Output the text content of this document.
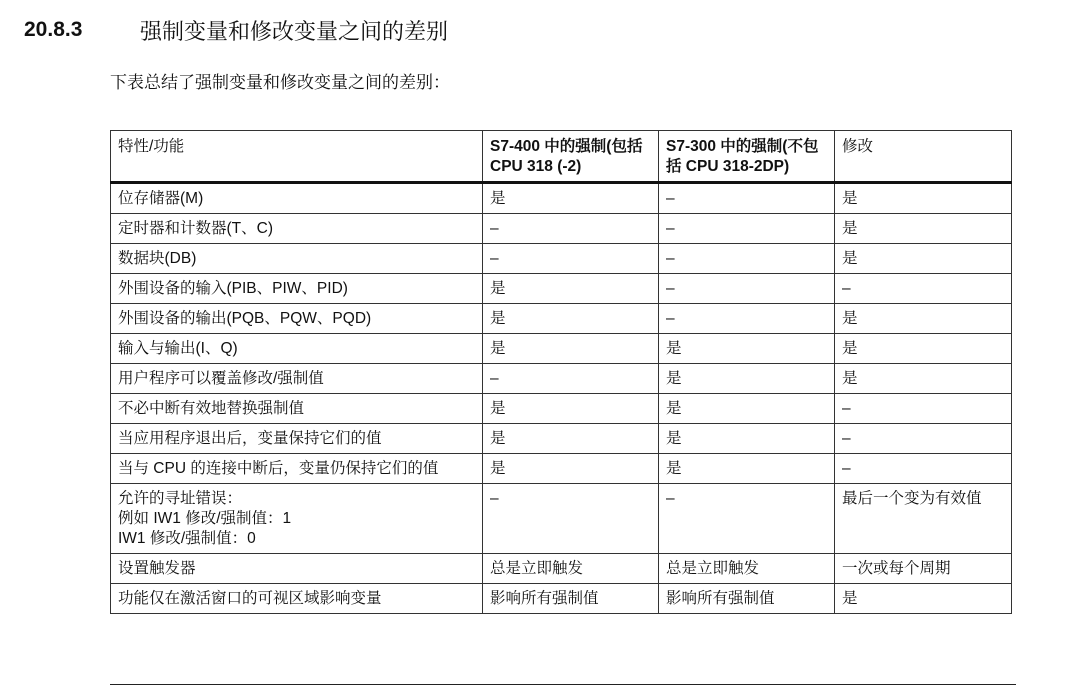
20.8.3	强制变量和修改变量之间的差别
下表总结了强制变量和修改变量之间的差别：
特性/功能	S7-400 中的强制(包括 CPU 318 (-2)	S7-300 中的强制(不包括 CPU 318-2DP)	修改
位存储器(M)	是	–	是
定时器和计数器(T、C)	–	–	是
数据块(DB)	–	–	是
外围设备的输入(PIB、PIW、PID)	是	–	–
外围设备的输出(PQB、PQW、PQD)	是	–	是
输入与输出(I、Q)	是	是	是
用户程序可以覆盖修改/强制值	–	是	是
不必中断有效地替换强制值	是	是	–
当应用程序退出后，变量保持它们的值	是	是	–
当与 CPU 的连接中断后，变量仍保持它们的值	是	是	–

允许的寻址错误：
例如 IW1 修改/强制值：1
IW1 修改/强制值：0	–	–	最后一个变为有效值
设置触发器	总是立即触发	总是立即触发	一次或每个周期
功能仅在激活窗口的可视区域影响变量	影响所有强制值	影响所有强制值	是
